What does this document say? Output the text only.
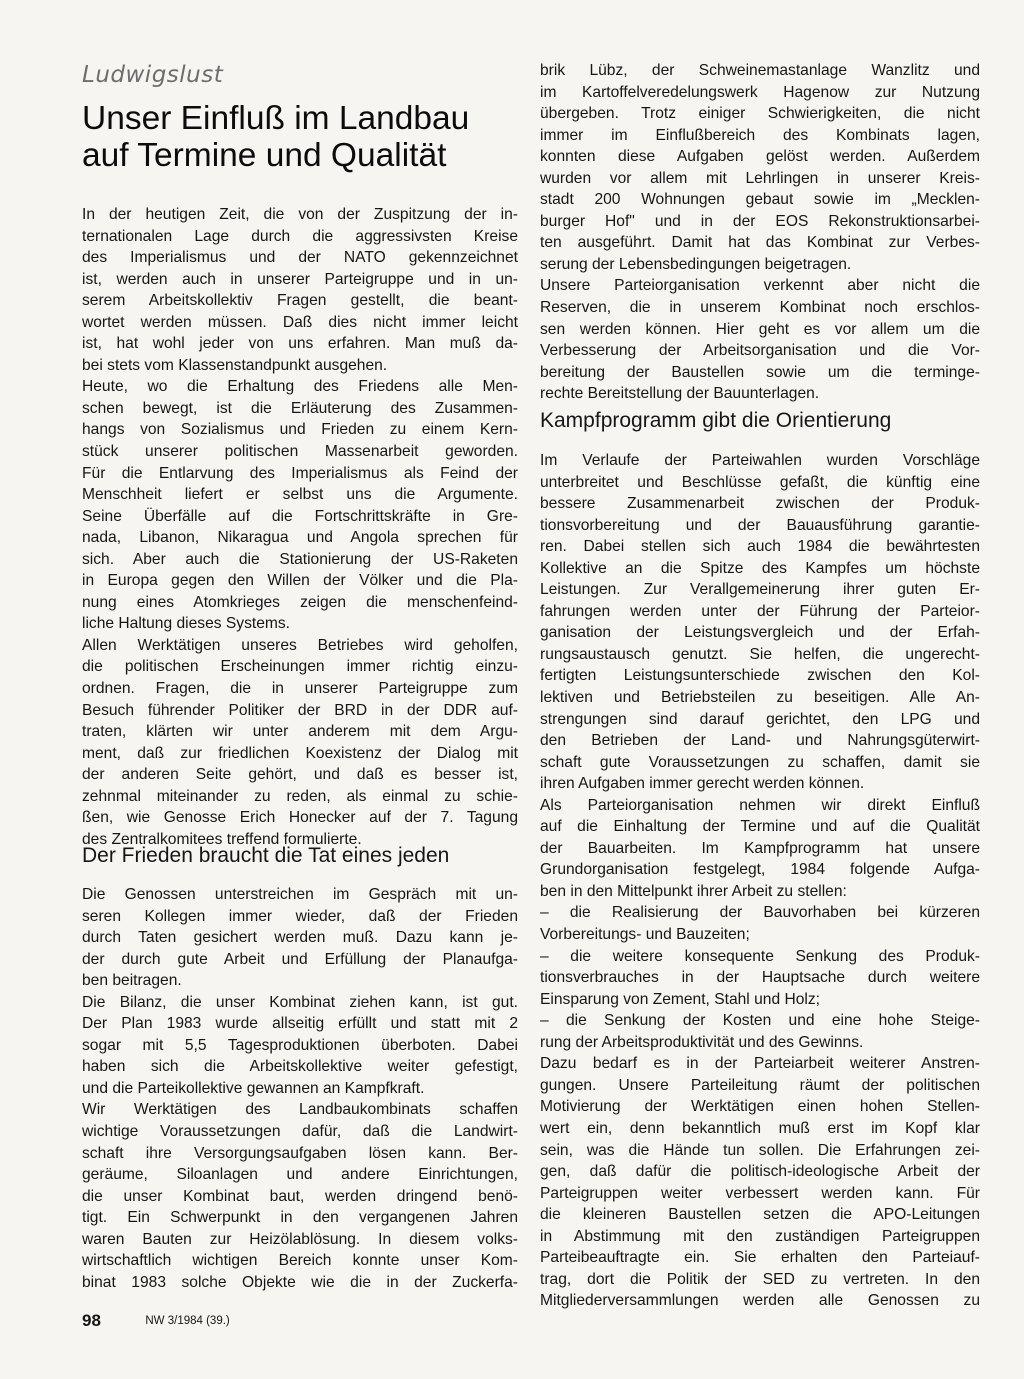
Ludwigslust
Unser Einfluß im Landbau
auf Termine und Qualität
In der heutigen Zeit, die von der Zuspitzung der in-
ternationalen Lage durch die aggressivsten Kreise
des Imperialismus und der NATO gekennzeichnet
ist, werden auch in unserer Parteigruppe und in un-
serem Arbeitskollektiv Fragen gestellt, die beant-
wortet werden müssen. Daß dies nicht immer leicht
ist, hat wohl jeder von uns erfahren. Man muß da-
bei stets vom Klassenstandpunkt ausgehen.
Heute, wo die Erhaltung des Friedens alle Men-
schen bewegt, ist die Erläuterung des Zusammen-
hangs von Sozialismus und Frieden zu einem Kern-
stück unserer politischen Massenarbeit geworden.
Für die Entlarvung des Imperialismus als Feind der
Menschheit liefert er selbst uns die Argumente.
Seine Überfälle auf die Fortschrittskräfte in Gre-
nada, Libanon, Nikaragua und Angola sprechen für
sich. Aber auch die Stationierung der US-Raketen
in Europa gegen den Willen der Völker und die Pla-
nung eines Atomkrieges zeigen die menschenfeind-
liche Haltung dieses Systems.
Allen Werktätigen unseres Betriebes wird geholfen,
die politischen Erscheinungen immer richtig einzu-
ordnen. Fragen, die in unserer Parteigruppe zum
Besuch führender Politiker der BRD in der DDR auf-
traten, klärten wir unter anderem mit dem Argu-
ment, daß zur friedlichen Koexistenz der Dialog mit
der anderen Seite gehört, und daß es besser ist,
zehnmal miteinander zu reden, als einmal zu schie-
ßen, wie Genosse Erich Honecker auf der 7. Tagung
des Zentralkomitees treffend formulierte.
Der Frieden braucht die Tat eines jeden
Die Genossen unterstreichen im Gespräch mit un-
seren Kollegen immer wieder, daß der Frieden
durch Taten gesichert werden muß. Dazu kann je-
der durch gute Arbeit und Erfüllung der Planaufga-
ben beitragen.
Die Bilanz, die unser Kombinat ziehen kann, ist gut.
Der Plan 1983 wurde allseitig erfüllt und statt mit 2
sogar mit 5,5 Tagesproduktionen überboten. Dabei
haben sich die Arbeitskollektive weiter gefestigt,
und die Parteikollektive gewannen an Kampfkraft.
Wir Werktätigen des Landbaukombinats schaffen
wichtige Voraussetzungen dafür, daß die Landwirt-
schaft ihre Versorgungsaufgaben lösen kann. Ber-
geräume, Siloanlagen und andere Einrichtungen,
die unser Kombinat baut, werden dringend benö-
tigt. Ein Schwerpunkt in den vergangenen Jahren
waren Bauten zur Heizölablösung. In diesem volks-
wirtschaftlich wichtigen Bereich konnte unser Kom-
binat 1983 solche Objekte wie die in der Zuckerfa-
brik Lübz, der Schweinemastanlage Wanzlitz und
im Kartoffelveredelungswerk Hagenow zur Nutzung
übergeben. Trotz einiger Schwierigkeiten, die nicht
immer im Einflußbereich des Kombinats lagen,
konnten diese Aufgaben gelöst werden. Außerdem
wurden vor allem mit Lehrlingen in unserer Kreis-
stadt 200 Wohnungen gebaut sowie im „Mecklen-
burger Hof" und in der EOS Rekonstruktionsarbei-
ten ausgeführt. Damit hat das Kombinat zur Verbes-
serung der Lebensbedingungen beigetragen.
Unsere Parteiorganisation verkennt aber nicht die
Reserven, die in unserem Kombinat noch erschlos-
sen werden können. Hier geht es vor allem um die
Verbesserung der Arbeitsorganisation und die Vor-
bereitung der Baustellen sowie um die terminge-
rechte Bereitstellung der Bauunterlagen.
Kampfprogramm gibt die Orientierung
Im Verlaufe der Parteiwahlen wurden Vorschläge
unterbreitet und Beschlüsse gefaßt, die künftig eine
bessere Zusammenarbeit zwischen der Produk-
tionsvorbereitung und der Bauausführung garantie-
ren. Dabei stellen sich auch 1984 die bewährtesten
Kollektive an die Spitze des Kampfes um höchste
Leistungen. Zur Verallgemeinerung ihrer guten Er-
fahrungen werden unter der Führung der Parteior-
ganisation der Leistungsvergleich und der Erfah-
rungsaustausch genutzt. Sie helfen, die ungerecht-
fertigten Leistungsunterschiede zwischen den Kol-
lektiven und Betriebsteilen zu beseitigen. Alle An-
strengungen sind darauf gerichtet, den LPG und
den Betrieben der Land- und Nahrungsgüterwirt-
schaft gute Voraussetzungen zu schaffen, damit sie
ihren Aufgaben immer gerecht werden können.
Als Parteiorganisation nehmen wir direkt Einfluß
auf die Einhaltung der Termine und auf die Qualität
der Bauarbeiten. Im Kampfprogramm hat unsere
Grundorganisation festgelegt, 1984 folgende Aufga-
ben in den Mittelpunkt ihrer Arbeit zu stellen:
– die Realisierung der Bauvorhaben bei kürzeren
Vorbereitungs- und Bauzeiten;
– die weitere konsequente Senkung des Produk-
tionsverbrauches in der Hauptsache durch weitere
Einsparung von Zement, Stahl und Holz;
– die Senkung der Kosten und eine hohe Steige-
rung der Arbeitsproduktivität und des Gewinns.
Dazu bedarf es in der Parteiarbeit weiterer Anstren-
gungen. Unsere Parteileitung räumt der politischen
Motivierung der Werktätigen einen hohen Stellen-
wert ein, denn bekanntlich muß erst im Kopf klar
sein, was die Hände tun sollen. Die Erfahrungen zei-
gen, daß dafür die politisch-ideologische Arbeit der
Parteigruppen weiter verbessert werden kann. Für
die kleineren Baustellen setzen die APO-Leitungen
in Abstimmung mit den zuständigen Parteigruppen
Parteibeauftragte ein. Sie erhalten den Parteiauf-
trag, dort die Politik der SED zu vertreten. In den
Mitgliederversammlungen werden alle Genossen zu
98	NW 3/1984 (39.)
